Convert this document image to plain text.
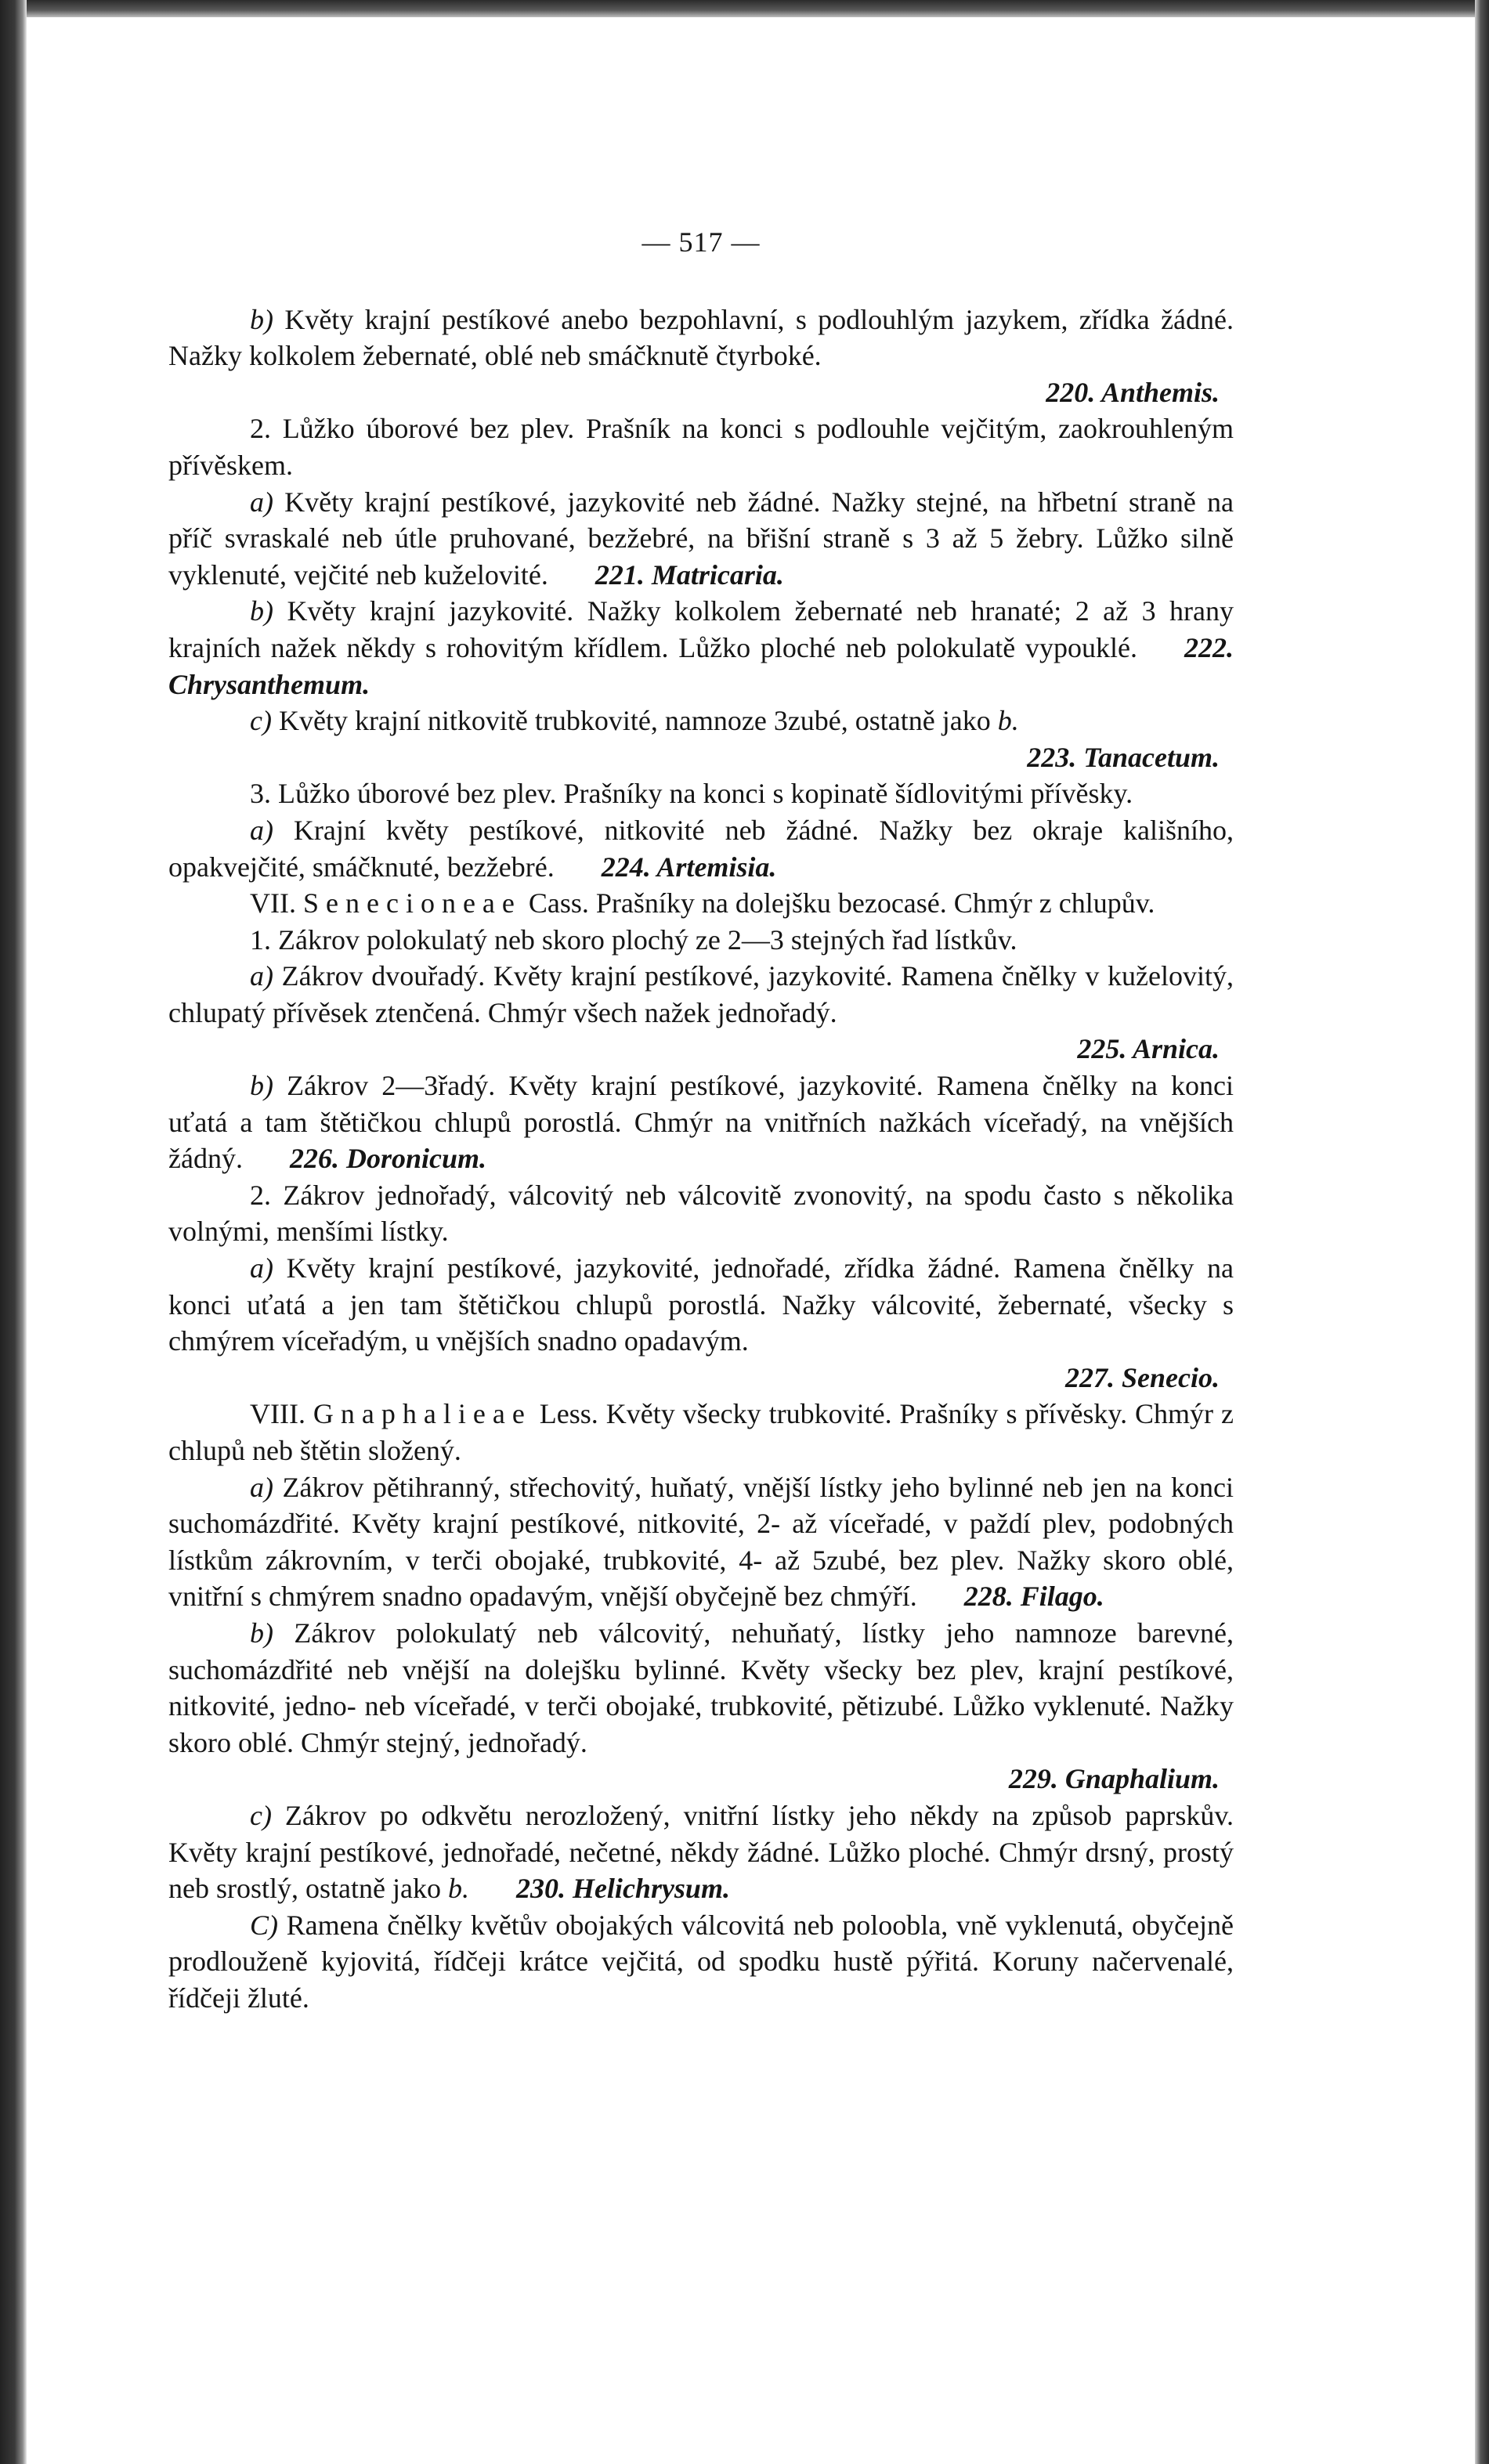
— 517 —

b) Květy krajní pestíkové anebo bezpohlavní, s podlouhlým jazykem, zřídka žádné. Nažky kolkolem žebernaté, oblé neb smáčknutě čtyrboké.

220. Anthemis.

2. Lůžko úborové bez plev. Prašník na konci s podlouhle vejčitým, zaokrouhleným přívěskem.

a) Květy krajní pestíkové, jazykovité neb žádné. Nažky stejné, na hřbetní straně na příč svraskalé neb útle pruhované, bezžebré, na břišní straně s 3 až 5 žebry. Lůžko silně vyklenuté, vejčité neb kuželovité. 221. Matricaria.

b) Květy krajní jazykovité. Nažky kolkolem žebernaté neb hranaté; 2 až 3 hrany krajních nažek někdy s rohovitým křídlem. Lůžko ploché neb polokulatě vypouklé. 222. Chrysanthemum.

c) Květy krajní nitkovitě trubkovité, namnoze 3zubé, ostatně jako b.

223. Tanacetum.

3. Lůžko úborové bez plev. Prašníky na konci s kopinatě šídlovitými přívěsky.

a) Krajní květy pestíkové, nitkovité neb žádné. Nažky bez okraje kališního, opakvejčité, smáčknuté, bezžebré. 224. Artemisia.

VII. Senecioneae Cass. Prašníky na dolejšku bezocasé. Chmýr z chlupův.

1. Zákrov polokulatý neb skoro plochý ze 2—3 stejných řad lístkův.

a) Zákrov dvouřadý. Květy krajní pestíkové, jazykovité. Ramena čnělky v kuželovitý, chlupatý přívěsek ztenčená. Chmýr všech nažek jednořadý.

225. Arnica.

b) Zákrov 2—3řadý. Květy krajní pestíkové, jazykovité. Ramena čnělky na konci uťatá a tam štětičkou chlupů porostlá. Chmýr na vnitřních nažkách víceřadý, na vnějších žádný. 226. Doronicum.

2. Zákrov jednořadý, válcovitý neb válcovitě zvonovitý, na spodu často s několika volnými, menšími lístky.

a) Květy krajní pestíkové, jazykovité, jednořadé, zřídka žádné. Ramena čnělky na konci uťatá a jen tam štětičkou chlupů porostlá. Nažky válcovité, žebernaté, všecky s chmýrem víceřadým, u vnějších snadno opadavým.

227. Senecio.

VIII. Gnaphalieae Less. Květy všecky trubkovité. Prašníky s přívěsky. Chmýr z chlupů neb štětin složený.

a) Zákrov pětihranný, střechovitý, huňatý, vnější lístky jeho bylinné neb jen na konci suchomázdřité. Květy krajní pestíkové, nitkovité, 2- až víceřadé, v paždí plev, podobných lístkům zákrovním, v terči obojaké, trubkovité, 4- až 5zubé, bez plev. Nažky skoro oblé, vnitřní s chmýrem snadno opadavým, vnější obyčejně bez chmýří. 228. Filago.

b) Zákrov polokulatý neb válcovitý, nehuňatý, lístky jeho namnoze barevné, suchomázdřité neb vnější na dolejšku bylinné. Květy všecky bez plev, krajní pestíkové, nitkovité, jedno- neb víceřadé, v terči obojaké, trubkovité, pětizubé. Lůžko vyklenuté. Nažky skoro oblé. Chmýr stejný, jednořadý.

229. Gnaphalium.

c) Zákrov po odkvětu nerozložený, vnitřní lístky jeho někdy na způsob paprskův. Květy krajní pestíkové, jednořadé, nečetné, někdy žádné. Lůžko ploché. Chmýr drsný, prostý neb srostlý, ostatně jako b. 230. Helichrysum.

C) Ramena čnělky květův obojakých válcovitá neb poloobla, vně vyklenutá, obyčejně prodlouženě kyjovitá, řídčeji krátce vejčitá, od spodku hustě pýřitá. Koruny načervenalé, řídčeji žluté.
